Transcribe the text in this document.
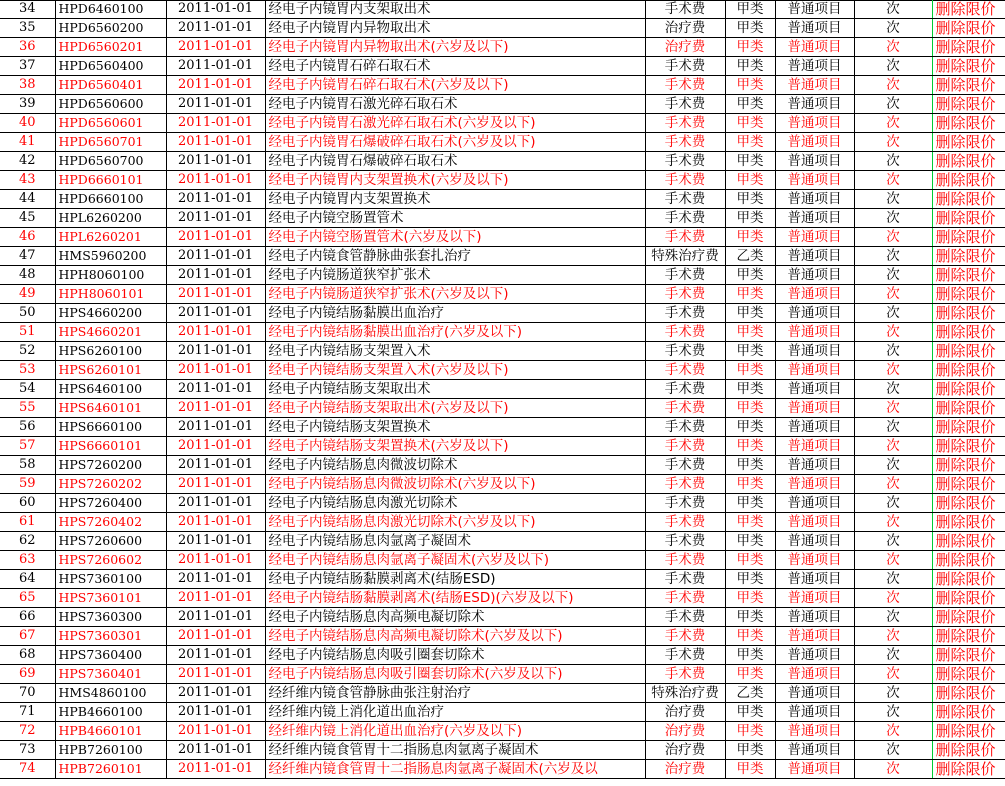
34	HPD6460100	2011-01-01	经电子内镜胃内支架取出术	手术费	甲类	普通项目	次	删除限价
35	HPD6560200	2011-01-01	经电子内镜胃内异物取出术	治疗费	甲类	普通项目	次	删除限价
36	HPD6560201	2011-01-01	经电子内镜胃内异物取出术(六岁及以下)	治疗费	甲类	普通项目	次	删除限价
37	HPD6560400	2011-01-01	经电子内镜胃石碎石取石术	手术费	甲类	普通项目	次	删除限价
38	HPD6560401	2011-01-01	经电子内镜胃石碎石取石术(六岁及以下)	手术费	甲类	普通项目	次	删除限价
39	HPD6560600	2011-01-01	经电子内镜胃石激光碎石取石术	手术费	甲类	普通项目	次	删除限价
40	HPD6560601	2011-01-01	经电子内镜胃石激光碎石取石术(六岁及以下)	手术费	甲类	普通项目	次	删除限价
41	HPD6560701	2011-01-01	经电子内镜胃石爆破碎石取石术(六岁及以下)	手术费	甲类	普通项目	次	删除限价
42	HPD6560700	2011-01-01	经电子内镜胃石爆破碎石取石术	手术费	甲类	普通项目	次	删除限价
43	HPD6660101	2011-01-01	经电子内镜胃内支架置换术(六岁及以下)	手术费	甲类	普通项目	次	删除限价
44	HPD6660100	2011-01-01	经电子内镜胃内支架置换术	手术费	甲类	普通项目	次	删除限价
45	HPL6260200	2011-01-01	经电子内镜空肠置管术	手术费	甲类	普通项目	次	删除限价
46	HPL6260201	2011-01-01	经电子内镜空肠置管术(六岁及以下)	手术费	甲类	普通项目	次	删除限价
47	HMS5960200	2011-01-01	经电子内镜食管静脉曲张套扎治疗	特殊治疗费	乙类	普通项目	次	删除限价
48	HPH8060100	2011-01-01	经电子内镜肠道狭窄扩张术	手术费	甲类	普通项目	次	删除限价
49	HPH8060101	2011-01-01	经电子内镜肠道狭窄扩张术(六岁及以下)	手术费	甲类	普通项目	次	删除限价
50	HPS4660200	2011-01-01	经电子内镜结肠黏膜出血治疗	手术费	甲类	普通项目	次	删除限价
51	HPS4660201	2011-01-01	经电子内镜结肠黏膜出血治疗(六岁及以下)	手术费	甲类	普通项目	次	删除限价
52	HPS6260100	2011-01-01	经电子内镜结肠支架置入术	手术费	甲类	普通项目	次	删除限价
53	HPS6260101	2011-01-01	经电子内镜结肠支架置入术(六岁及以下)	手术费	甲类	普通项目	次	删除限价
54	HPS6460100	2011-01-01	经电子内镜结肠支架取出术	手术费	甲类	普通项目	次	删除限价
55	HPS6460101	2011-01-01	经电子内镜结肠支架取出术(六岁及以下)	手术费	甲类	普通项目	次	删除限价
56	HPS6660100	2011-01-01	经电子内镜结肠支架置换术	手术费	甲类	普通项目	次	删除限价
57	HPS6660101	2011-01-01	经电子内镜结肠支架置换术(六岁及以下)	手术费	甲类	普通项目	次	删除限价
58	HPS7260200	2011-01-01	经电子内镜结肠息肉微波切除术	手术费	甲类	普通项目	次	删除限价
59	HPS7260202	2011-01-01	经电子内镜结肠息肉微波切除术(六岁及以下)	手术费	甲类	普通项目	次	删除限价
60	HPS7260400	2011-01-01	经电子内镜结肠息肉激光切除术	手术费	甲类	普通项目	次	删除限价
61	HPS7260402	2011-01-01	经电子内镜结肠息肉激光切除术(六岁及以下)	手术费	甲类	普通项目	次	删除限价
62	HPS7260600	2011-01-01	经电子内镜结肠息肉氩离子凝固术	手术费	甲类	普通项目	次	删除限价
63	HPS7260602	2011-01-01	经电子内镜结肠息肉氩离子凝固术(六岁及以下)	手术费	甲类	普通项目	次	删除限价
64	HPS7360100	2011-01-01	经电子内镜结肠黏膜剥离术(结肠ESD)	手术费	甲类	普通项目	次	删除限价
65	HPS7360101	2011-01-01	经电子内镜结肠黏膜剥离术(结肠ESD)(六岁及以下)	手术费	甲类	普通项目	次	删除限价
66	HPS7360300	2011-01-01	经电子内镜结肠息肉高频电凝切除术	手术费	甲类	普通项目	次	删除限价
67	HPS7360301	2011-01-01	经电子内镜结肠息肉高频电凝切除术(六岁及以下)	手术费	甲类	普通项目	次	删除限价
68	HPS7360400	2011-01-01	经电子内镜结肠息肉吸引圈套切除术	手术费	甲类	普通项目	次	删除限价
69	HPS7360401	2011-01-01	经电子内镜结肠息肉吸引圈套切除术(六岁及以下)	手术费	甲类	普通项目	次	删除限价
70	HMS4860100	2011-01-01	经纤维内镜食管静脉曲张注射治疗	特殊治疗费	乙类	普通项目	次	删除限价
71	HPB4660100	2011-01-01	经纤维内镜上消化道出血治疗	治疗费	甲类	普通项目	次	删除限价
72	HPB4660101	2011-01-01	经纤维内镜上消化道出血治疗(六岁及以下)	治疗费	甲类	普通项目	次	删除限价
73	HPB7260100	2011-01-01	经纤维内镜食管胃十二指肠息肉氩离子凝固术	治疗费	甲类	普通项目	次	删除限价
74	HPB7260101	2011-01-01	经纤维内镜食管胃十二指肠息肉氩离子凝固术(六岁及以	治疗费	甲类	普通项目	次	删除限价
